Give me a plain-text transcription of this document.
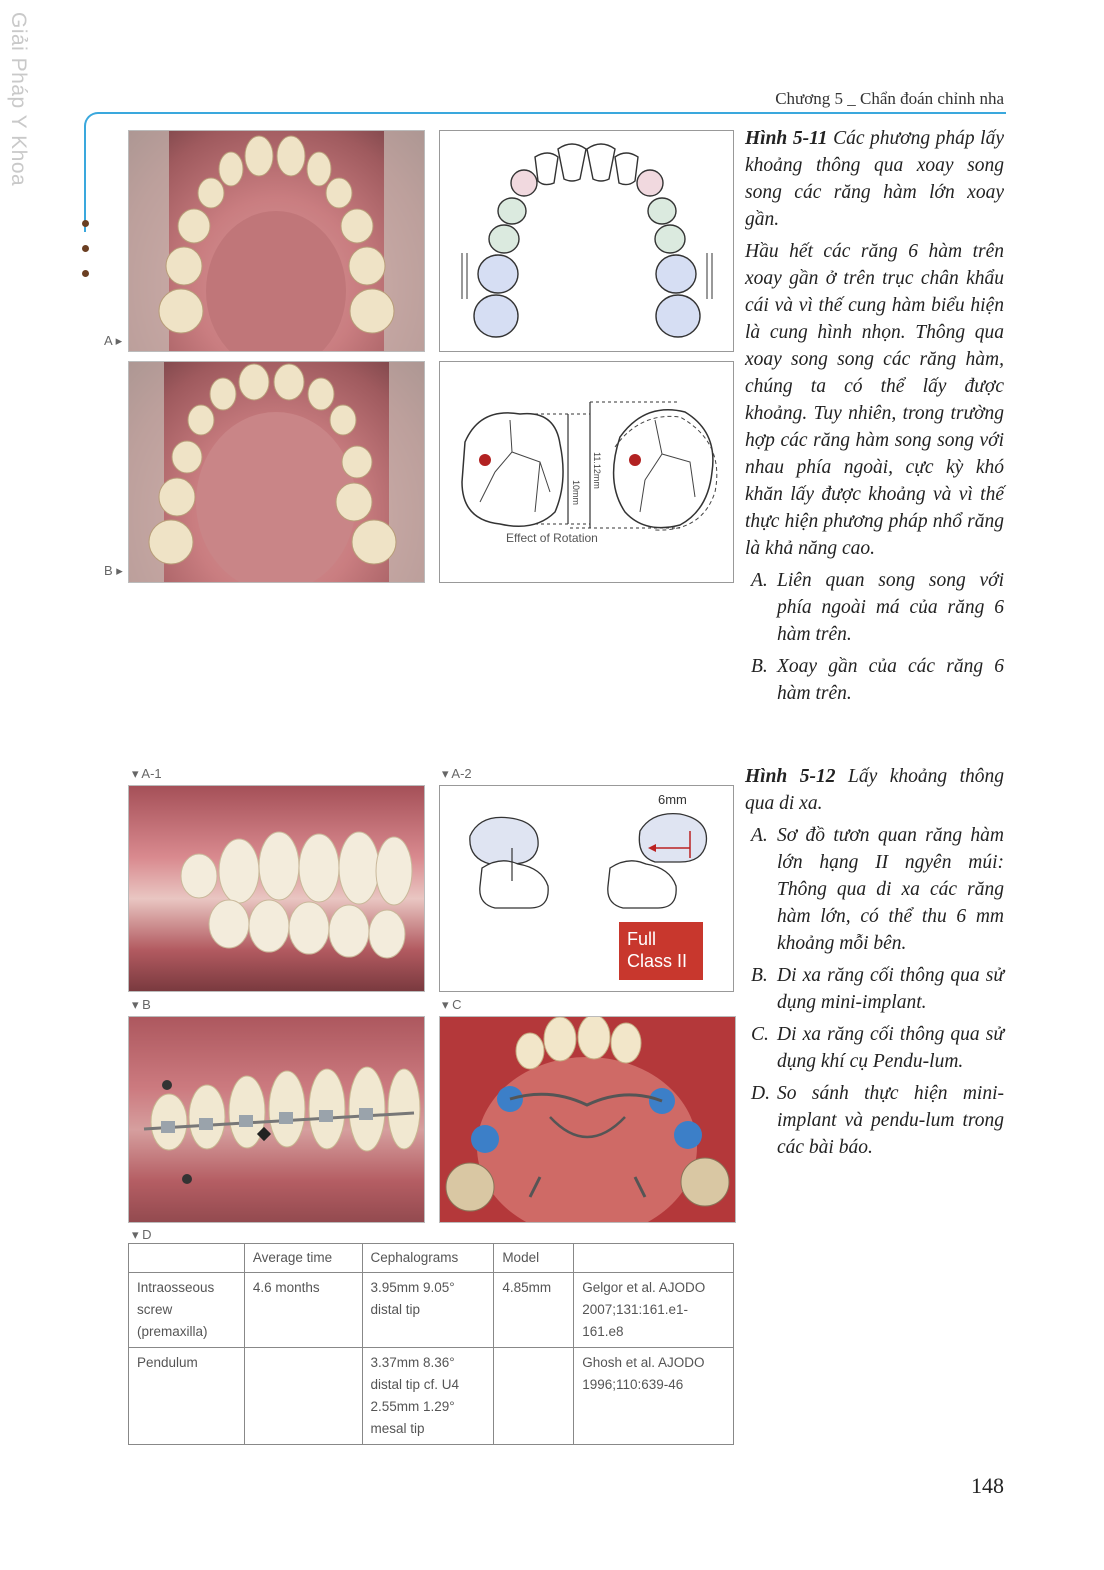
Giải Pháp Y Khoa	Chương 5 _ Chẩn đoán chỉnh nha
A ▸
B ▸
10mm
11.12mm
Effect of Rotation

Hình 5-11 Các phương pháp lấy khoảng thông qua xoay song song các răng hàm lớn xoay gần.

Hầu hết các răng 6 hàm trên xoay gần ở trên trục chân khẩu cái và vì thế cung hàm biểu hiện là cung hình nhọn. Thông qua xoay song song các răng hàm, chúng ta có thể lấy được khoảng. Tuy nhiên, trong trường hợp các răng hàm song song với nhau phía ngoài, cực kỳ khó khăn lấy được khoảng và vì thế thực hiện phương pháp nhổ răng là khả năng cao.

A. Liên quan song song với phía ngoài má của răng 6 hàm trên.
B. Xoay gần của các răng 6 hàm trên.
▾ A-1	▾ A-2
6mm
Full
Class II
▾ B	▾ C
▾ D
	Average time	Cephalograms	Model	
Intraosseous screw (premaxilla)	4.6 months	3.95mm 9.05° distal tip	4.85mm	Gelgor et al. AJODO 2007;131:161.e1-161.e8
Pendulum		3.37mm 8.36° distal tip cf. U4 2.55mm 1.29° mesal tip		Ghosh et al. AJODO 1996;110:639-46

Hình 5-12 Lấy khoảng thông qua di xa.

A. Sơ đồ tươn quan răng hàm lớn hạng II ngyên múi: Thông qua di xa các răng hàm lớn, có thể thu 6 mm khoảng mỗi bên.
B. Di xa răng cối thông qua sử dụng mini-implant.
C. Di xa răng cối thông qua sử dụng khí cụ Pendu-lum.
D. So sánh thực hiện mini-implant và pendu-lum trong các bài báo.
148
